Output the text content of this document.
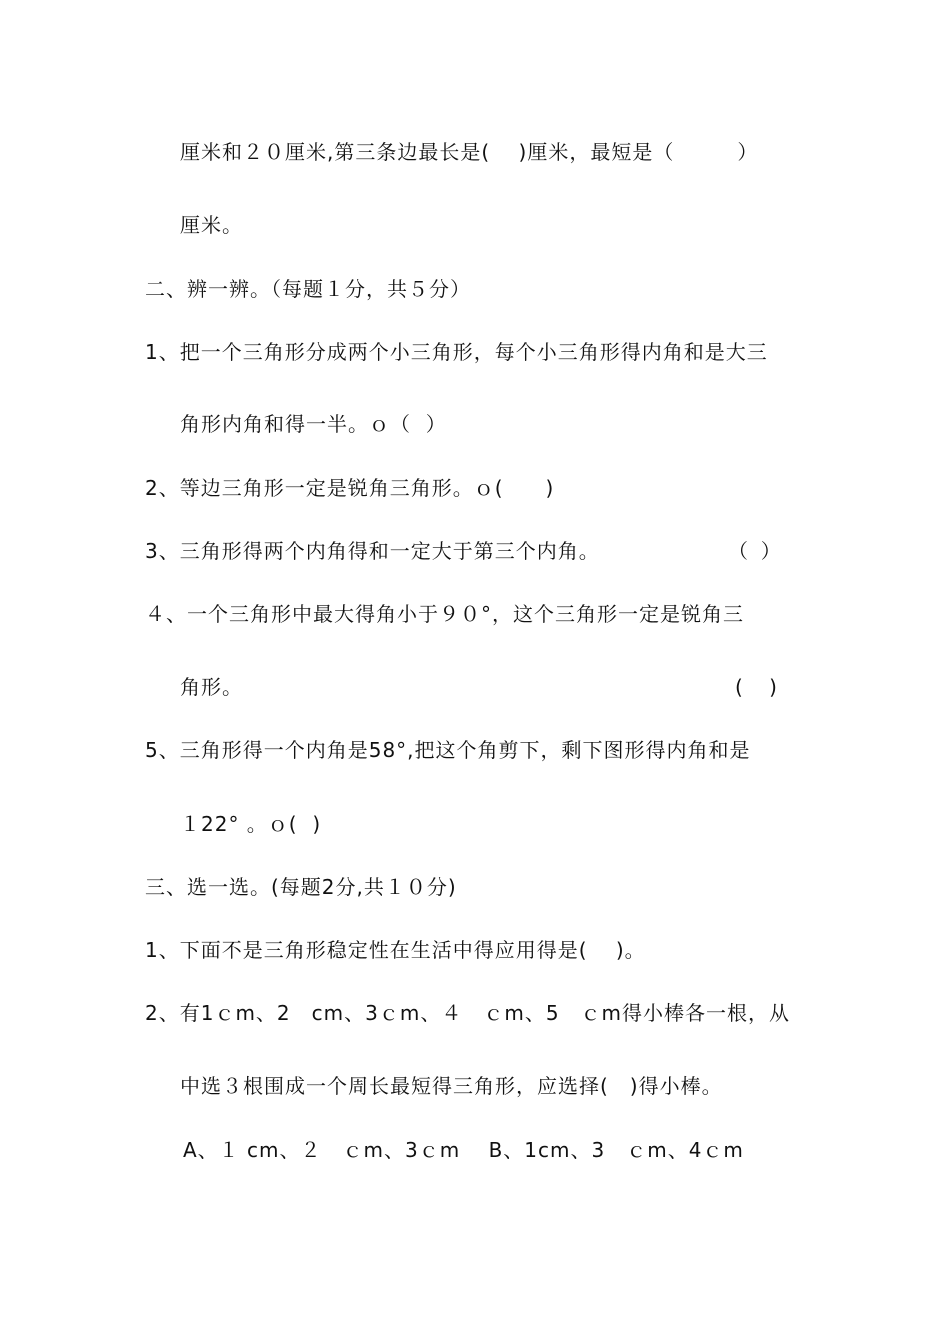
厘米和２０厘米,第三条边最长是(　 )厘米，最短是（　　　）
厘米。
二、辨一辨。（每题１分，共５分）
1、把一个三角形分成两个小三角形，每个小三角形得内角和是大三
角形内角和得一半。ｏ（  ）
2、等边三角形一定是锐角三角形。ｏ(　　)
3、三角形得两个内角得和一定大于第三个内角。	（  ）
４、一个三角形中最大得角小于９０°，这个三角形一定是锐角三
角形。	(　 )
5、三角形得一个内角是58°,把这个角剪下，剩下图形得内角和是
１22° 。ｏ(  )
三、选一选。(每题2分,共１０分)
1、下面不是三角形稳定性在生活中得应用得是(　 )。
2、有1ｃm、2　cm、3ｃm、４　ｃm、5　ｃm得小棒各一根，从
中选３根围成一个周长最短得三角形，应选择(　)得小棒。
A、１ cm、２　ｃm、3ｃm　 B、1cm、3　ｃm、4ｃm
